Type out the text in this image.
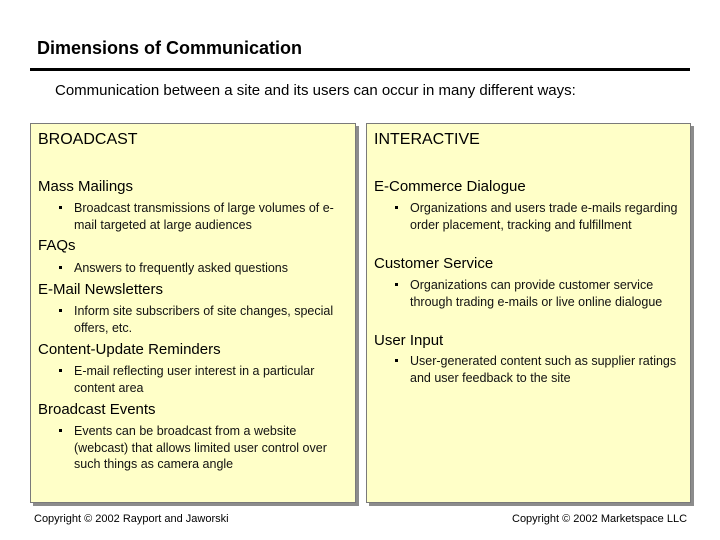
Dimensions of Communication
Communication between a site and its users can occur in many different ways:
BROADCAST
Mass Mailings
Broadcast transmissions of large volumes of e-mail targeted at large audiences
FAQs
Answers to frequently asked questions
E-Mail Newsletters
Inform site subscribers of site changes, special offers, etc.
Content-Update Reminders
E-mail reflecting user interest in a particular content area
Broadcast Events
Events can be broadcast from a website (webcast) that allows limited user control over such things as camera angle
INTERACTIVE
E-Commerce Dialogue
Organizations and users trade e-mails regarding order placement, tracking and fulfillment
Customer Service
Organizations can provide customer service through trading e-mails or live online dialogue
User Input
User-generated content such as supplier ratings and user feedback to the site
Copyright © 2002 Rayport and Jaworski	Copyright © 2002 Marketspace LLC
